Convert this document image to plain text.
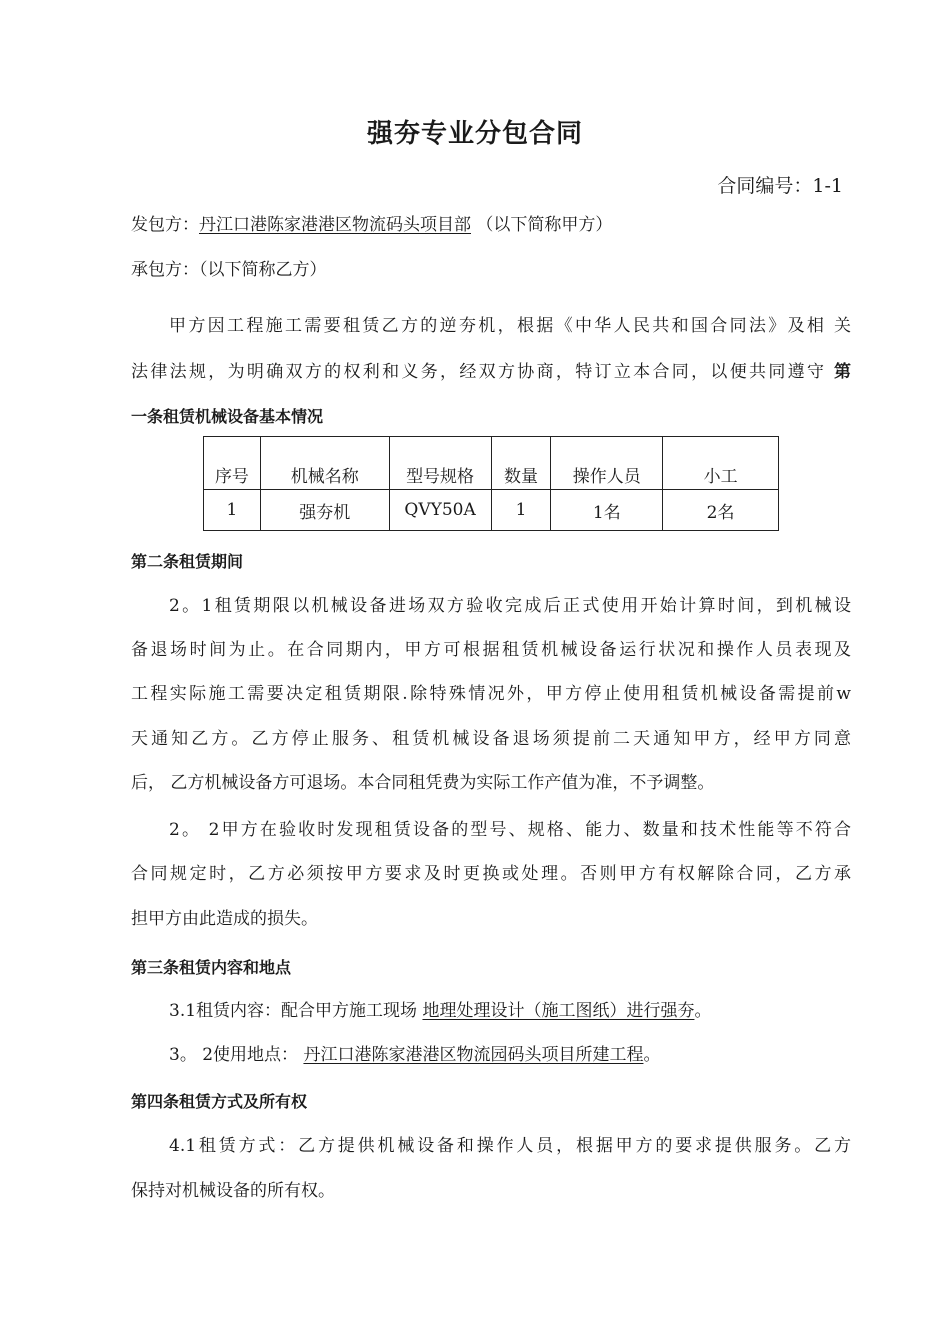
强夯专业分包合同
合同编号：1-1
发包方：丹江口港陈家港港区物流码头项目部 （以下简称甲方）
承包方：（以下简称乙方）
甲方因工程施工需要租赁乙方的逆夯机，根据《中华人民共和国合同法》及相 关
法律法规，为明确双方的权利和义务，经双方协商，特订立本合同，以便共同遵守 第
一条租赁机械设备基本情况
序号	机械名称	型号规格	数量	操作人员	小工
1	强夯机	QVY50A	1	1名	2名
第二条租赁期间
2。1租赁期限以机械设备进场双方验收完成后正式使用开始计算时间，到机械设
备退场时间为止。在合同期内，甲方可根据租赁机械设备运行状况和操作人员表现及
工程实际施工需要决定租赁期限.除特殊情况外，甲方停止使用租赁机械设备需提前w
天通知乙方。乙方停止服务、租赁机械设备退场须提前二天通知甲方，经甲方同意
后， 乙方机械设备方可退场。本合同租凭费为实际工作产值为准，不予调整。
2。 2甲方在验收时发现租赁设备的型号、规格、能力、数量和技术性能等不符合
合同规定时，乙方必须按甲方要求及时更换或处理。否则甲方有权解除合同，乙方承
担甲方由此造成的损失。
第三条租赁内容和地点
3.1租赁内容：配合甲方施工现场 地理处理设计（施工图纸）进行强夯。
3。 2使用地点： 丹江口港陈家港港区物流园码头项目所建工程。
第四条租赁方式及所有权
4.1租赁方式：乙方提供机械设备和操作人员，根据甲方的要求提供服务。乙方
保持对机械设备的所有权。
